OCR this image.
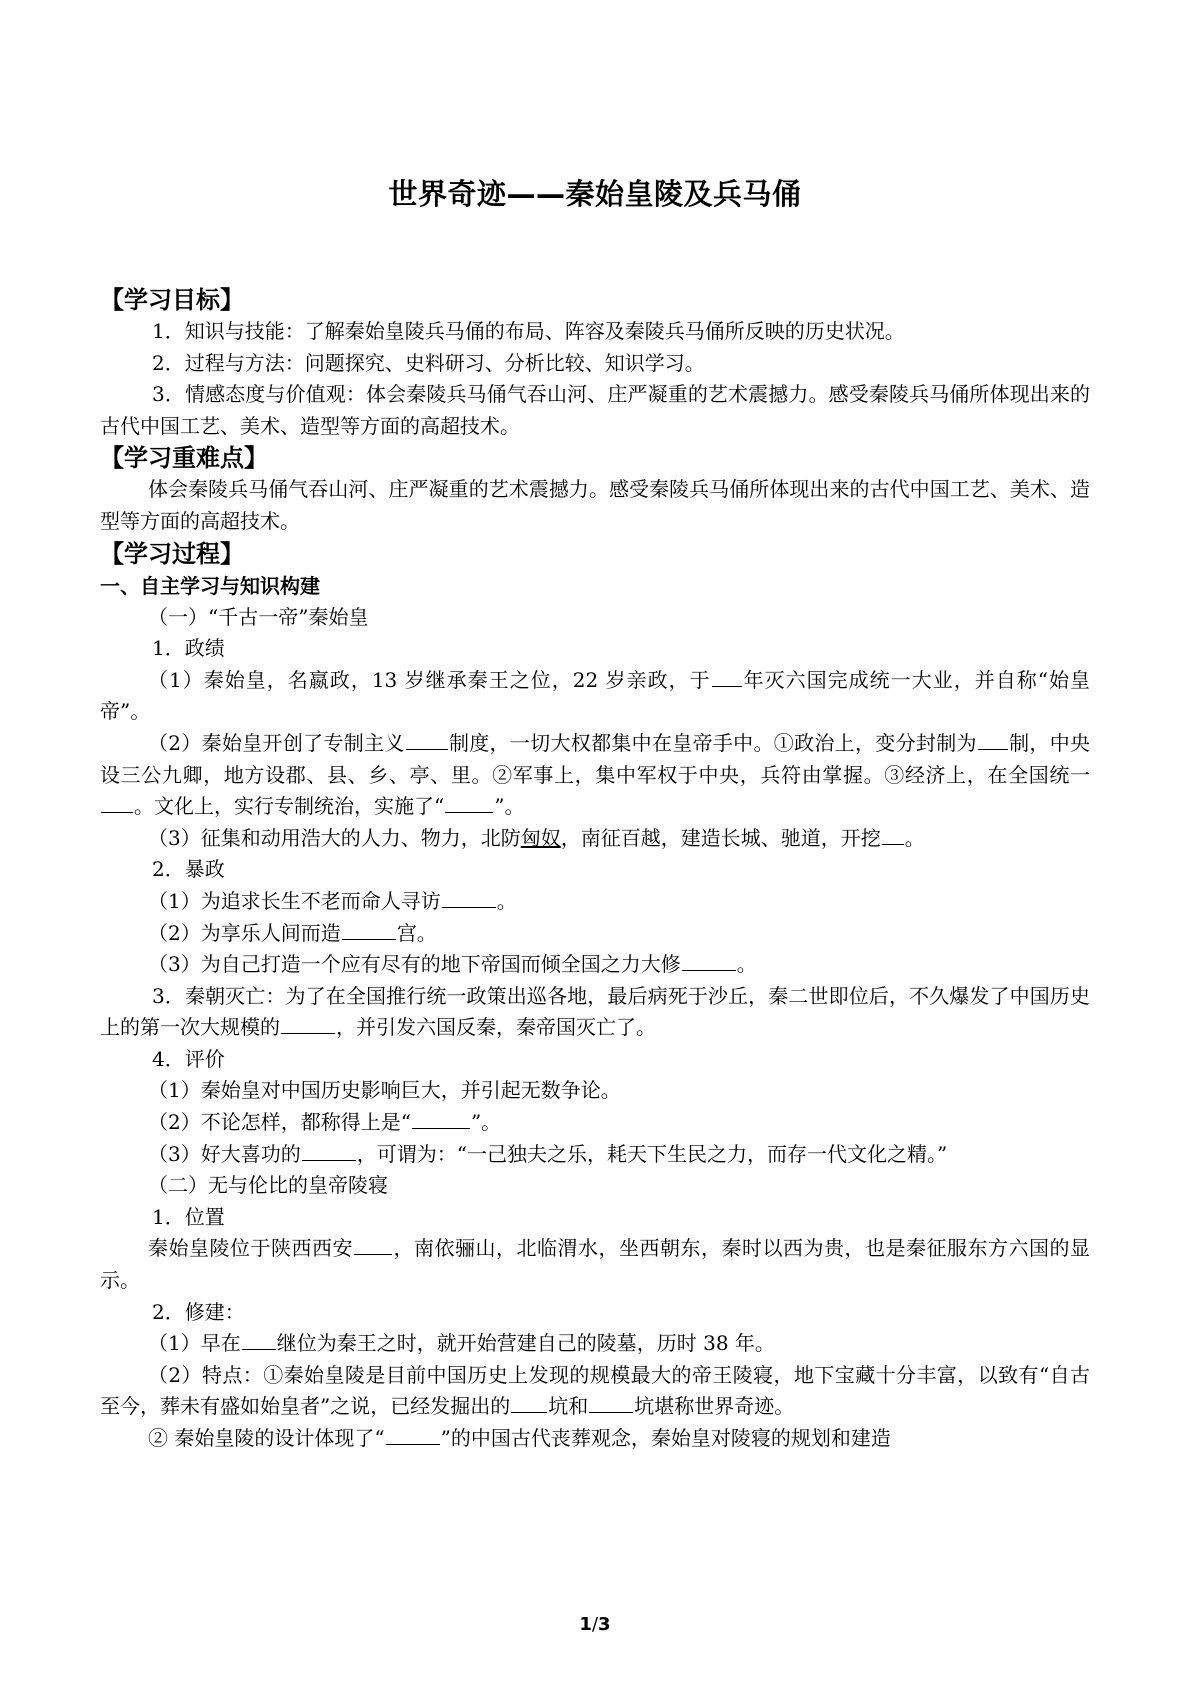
世界奇迹——秦始皇陵及兵马俑
【学习目标】
1．知识与技能：了解秦始皇陵兵马俑的布局、阵容及秦陵兵马俑所反映的历史状况。
2．过程与方法：问题探究、史料研习、分析比较、知识学习。
3．情感态度与价值观：体会秦陵兵马俑气吞山河、庄严凝重的艺术震撼力。感受秦陵兵马俑所体现出来的古代中国工艺、美术、造型等方面的高超技术。
【学习重难点】
体会秦陵兵马俑气吞山河、庄严凝重的艺术震撼力。感受秦陵兵马俑所体现出来的古代中国工艺、美术、造型等方面的高超技术。
【学习过程】
一、自主学习与知识构建
（一）“千古一帝”秦始皇
1．政绩
（1）秦始皇，名嬴政，13 岁继承秦王之位，22 岁亲政，于 年灭六国完成统一大业，并自称“始皇帝”。
（2）秦始皇开创了专制主义 制度，一切大权都集中在皇帝手中。①政治上，变分封制为 制，中央设三公九卿，地方设郡、县、乡、亭、里。②军事上，集中军权于中央，兵符由掌握。③经济上，在全国统一。文化上，实行专制统治，实施了“	”。
（3）征集和动用浩大的人力、物力，北防匈奴，南征百越，建造长城、驰道，开挖 。
2．暴政
（1）为追求长生不老而命人寻访	。
（2）为享乐人间而造	宫。
（3）为自己打造一个应有尽有的地下帝国而倾全国之力大修	。
3．秦朝灭亡：为了在全国推行统一政策出巡各地，最后病死于沙丘，秦二世即位后，不久爆发了中国历史上的第一次大规模的	，并引发六国反秦，秦帝国灭亡了。
4．评价
（1）秦始皇对中国历史影响巨大，并引起无数争论。
（2）不论怎样，都称得上是“	”。
（3）好大喜功的	，可谓为：“一己独夫之乐，耗天下生民之力，而存一代文化之精。”
（二）无与伦比的皇帝陵寝
1．位置
秦始皇陵位于陕西西安 ，南依骊山，北临渭水，坐西朝东，秦时以西为贵，也是秦征服东方六国的显示。
2．修建：
（1）早在 继位为秦王之时，就开始营建自己的陵墓，历时 38 年。
（2）特点：①秦始皇陵是目前中国历史上发现的规模最大的帝王陵寝，地下宝藏十分丰富，以致有“自古至今，葬未有盛如始皇者”之说，已经发掘出的 坑和 坑堪称世界奇迹。
② 秦始皇陵的设计体现了“	”的中国古代丧葬观念，秦始皇对陵寝的规划和建造
1/3
